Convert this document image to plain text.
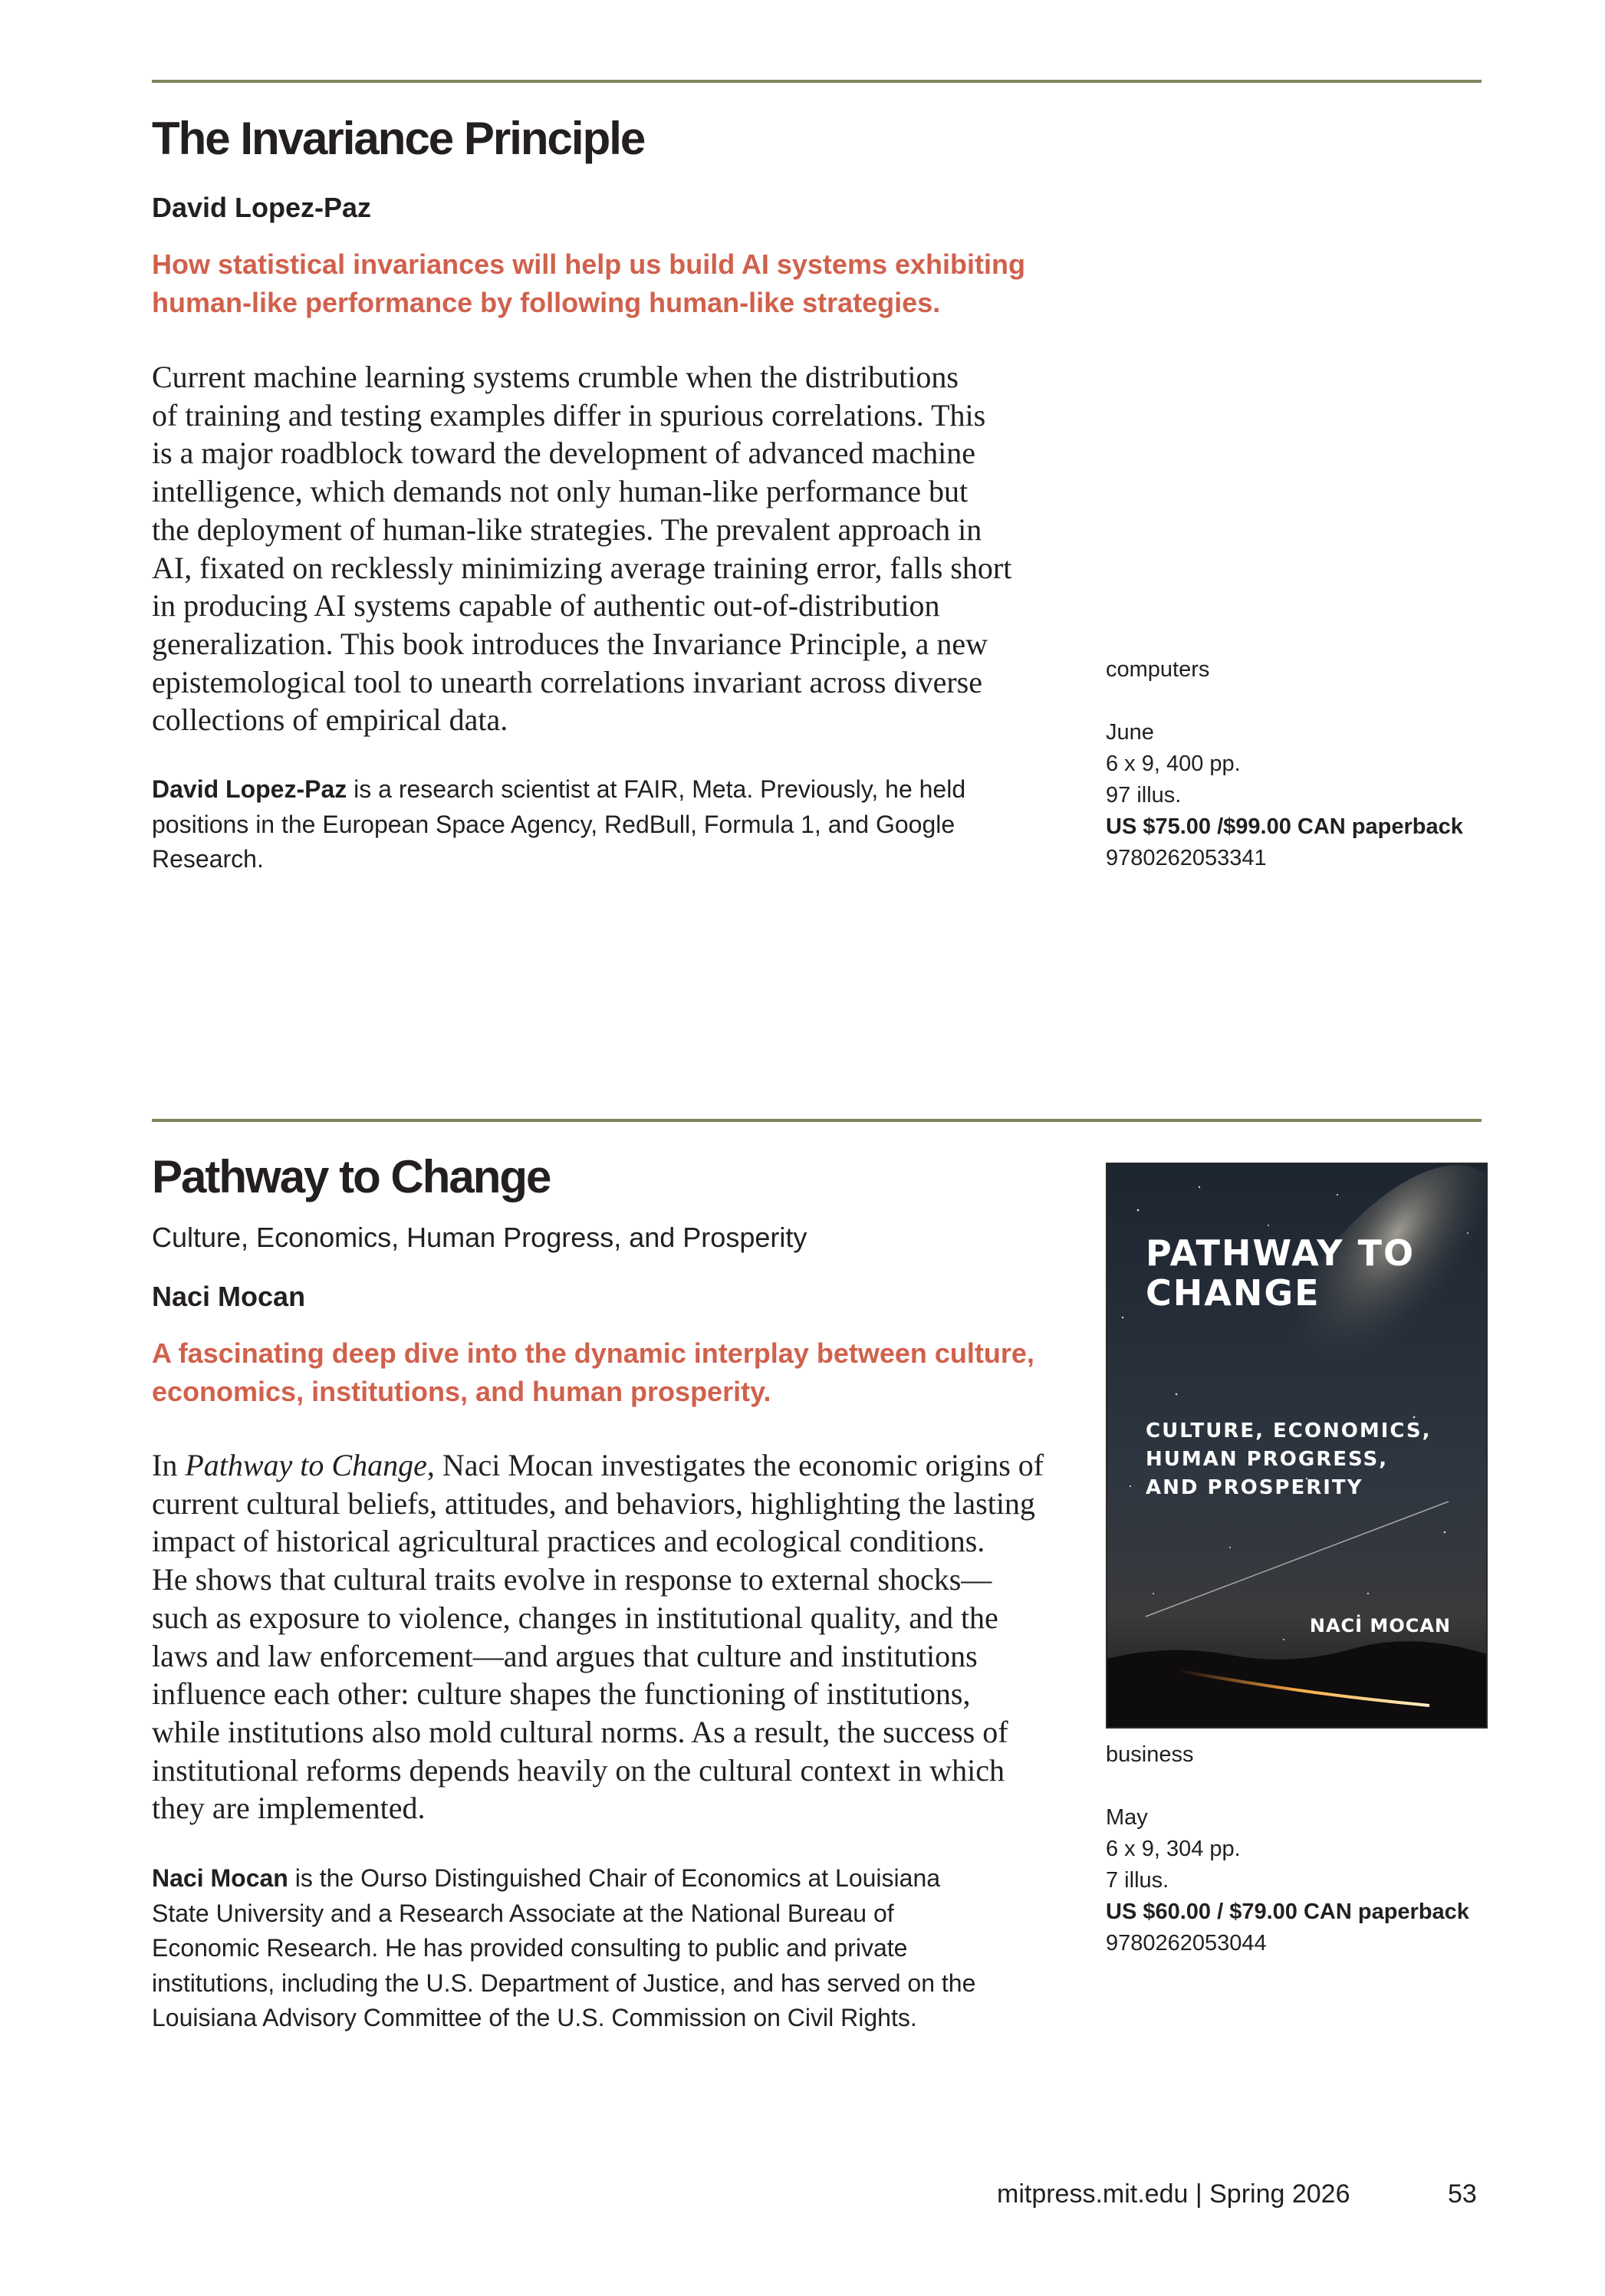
The Invariance Principle

David Lopez-Paz

How statistical invariances will help us build AI systems exhibiting
human-like performance by following human-like strategies.
Current machine learning systems crumble when the distributions
of training and testing examples differ in spurious correlations. This
is a major roadblock toward the development of advanced machine
intelligence, which demands not only human-like performance but
the deployment of human-like strategies. The prevalent approach in
AI, fixated on recklessly minimizing average training error, falls short
in producing AI systems capable of authentic out-of-distribution
generalization. This book introduces the Invariance Principle, a new
epistemological tool to unearth correlations invariant across diverse
collections of empirical data.
David Lopez-Paz is a research scientist at FAIR, Meta. Previously, he held
positions in the European Space Agency, RedBull, Formula 1, and Google
Research.
computers
June
6 x 9, 400 pp.
97 illus.
US $75.00 /$99.00 CAN paperback
9780262053341
Pathway to Change

Culture, Economics, Human Progress, and Prosperity

Naci Mocan

A fascinating deep dive into the dynamic interplay between culture,
economics, institutions, and human prosperity.
In Pathway to Change, Naci Mocan investigates the economic origins of
current cultural beliefs, attitudes, and behaviors, highlighting the lasting
impact of historical agricultural practices and ecological conditions.
He shows that cultural traits evolve in response to external shocks—
such as exposure to violence, changes in institutional quality, and the
laws and law enforcement—and argues that culture and institutions
influence each other: culture shapes the functioning of institutions,
while institutions also mold cultural norms. As a result, the success of
institutional reforms depends heavily on the cultural context in which
they are implemented.
Naci Mocan is the Ourso Distinguished Chair of Economics at Louisiana
State University and a Research Associate at the National Bureau of
Economic Research. He has provided consulting to public and private
institutions, including the U.S. Department of Justice, and has served on the
Louisiana Advisory Committee of the U.S. Commission on Civil Rights.
PATHWAY TO
CHANGE
CULTURE, ECONOMICS,
HUMAN PROGRESS,
AND PROSPERITY
NACİ MOCAN
business
May
6 x 9, 304 pp.
7 illus.
US $60.00 / $79.00 CAN paperback
9780262053044
mitpress.mit.edu | Spring 2026	53
